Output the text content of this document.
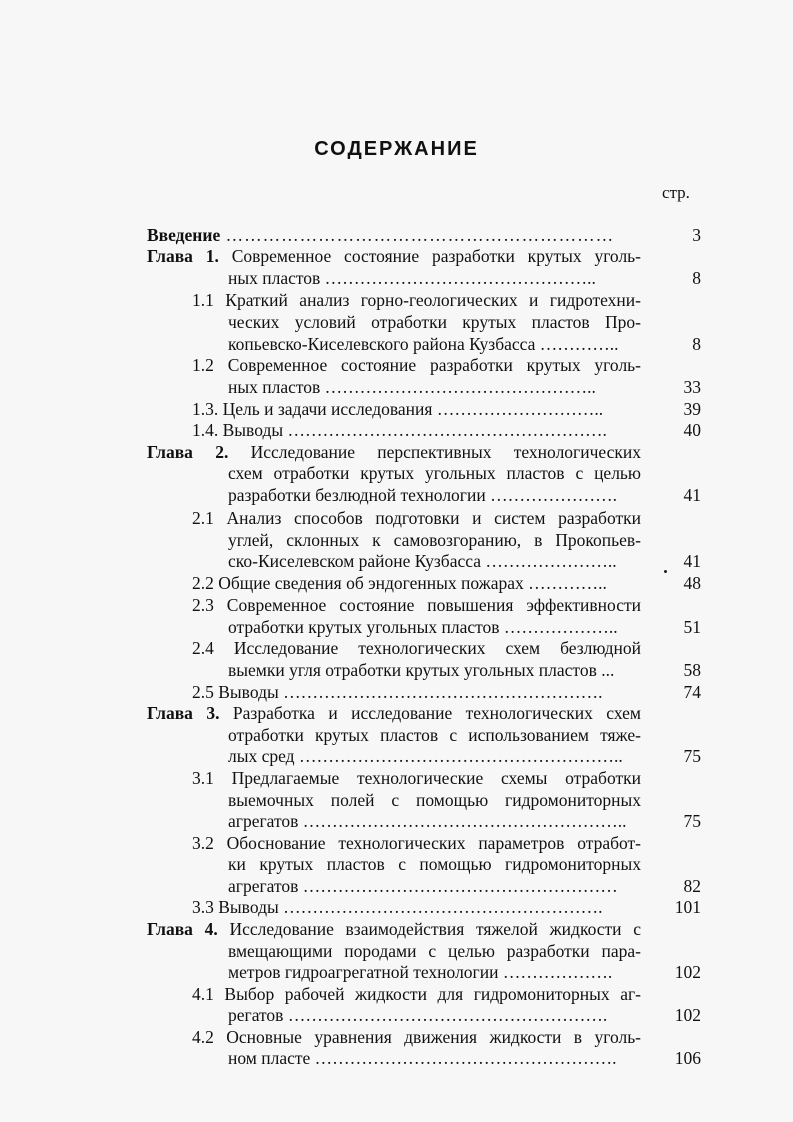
СОДЕРЖАНИЕ
стр.
Введение ………………………………………………………	3
Глава 1. Современное состояние разработки крутых уголь-
ных пластов ………………………………………..	8
1.1 Краткий анализ горно-геологических и гидротехни-
ческих условий отработки крутых пластов Про-
копьевско-Киселевского района Кузбасса …………..	8
1.2 Современное состояние разработки крутых уголь-
ных пластов ………………………………………..	33
1.3. Цель и задачи исследования ………………………..	39
1.4. Выводы ……………………………………………….	40
Глава 2. Исследование перспективных технологических
схем отработки крутых угольных пластов с целью
разработки безлюдной технологии ………………….	41
2.1 Анализ способов подготовки и систем разработки
углей, склонных к самовозгоранию, в Прокопьев-
ско-Киселевском районе Кузбасса …………………..	41
2.2 Общие сведения об эндогенных пожарах …………..	48
2.3 Современное состояние повышения эффективности
отработки крутых угольных пластов ………………..	51
2.4 Исследование технологических схем безлюдной
выемки угля отработки крутых угольных пластов ...	58
2.5 Выводы ……………………………………………….	74
Глава 3. Разработка и исследование технологических схем
отработки крутых пластов с использованием тяже-
лых сред ………………………………………………..	75
3.1 Предлагаемые технологические схемы отработки
выемочных полей с помощью гидромониторных
агрегатов ………………………………………………..	75
3.2 Обоснование технологических параметров отработ-
ки крутых пластов с помощью гидромониторных
агрегатов ………………………………………………	82
3.3 Выводы ……………………………………………….	101
Глава 4. Исследование взаимодействия тяжелой жидкости с
вмещающими породами с целью разработки пара-
метров гидроагрегатной технологии ……………….	102
4.1 Выбор рабочей жидкости для гидромониторных аг-
регатов ……………………………………………….	102
4.2 Основные уравнения движения жидкости в уголь-
ном пласте …………………………………………….	106
